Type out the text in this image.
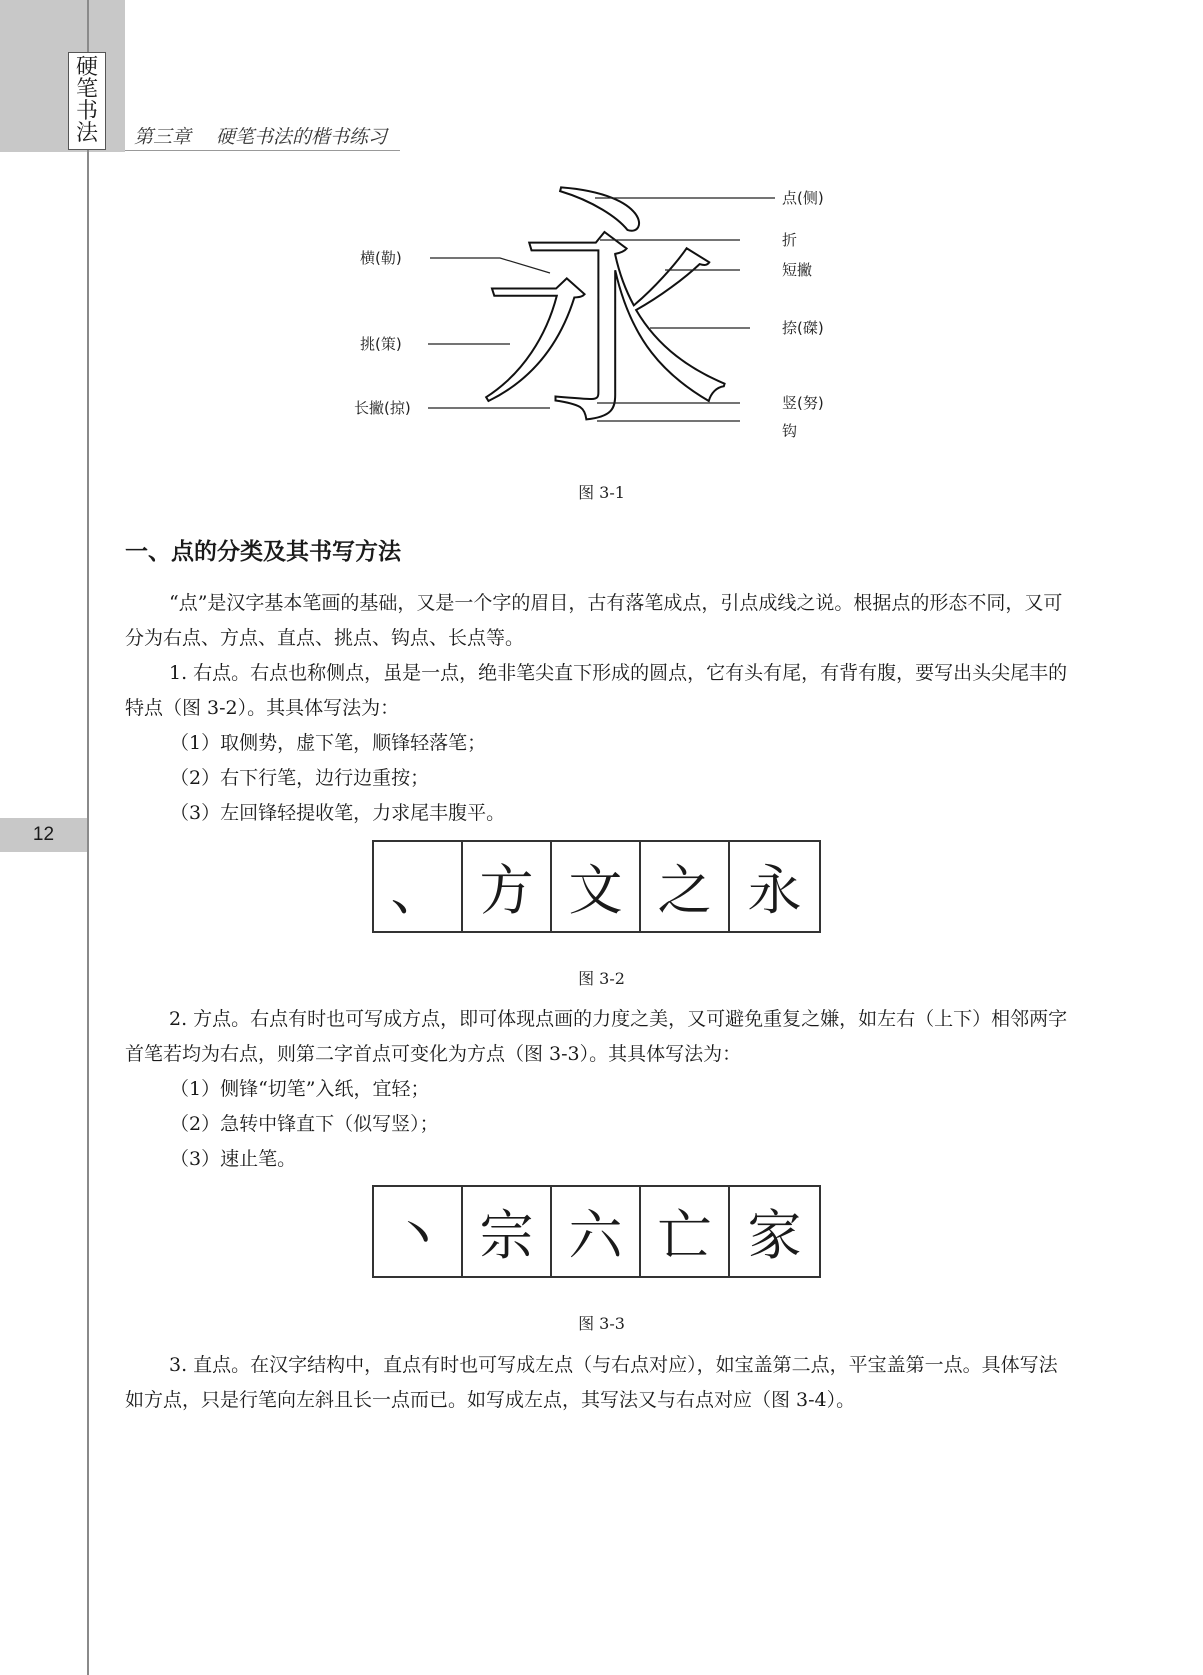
硬
笔
书
法 第三章　 硬笔书法的楷书练习
12
永
横(勒)
挑(策)
长撇(掠)
点(侧)
折
短撇
捺(磔)
竖(努)
钩
图 3-1
一、点的分类及其书写方法

“点”是汉字基本笔画的基础，又是一个字的眉目，古有落笔成点，引点成线之说。根据点的形态不同，又可分为右点、方点、直点、挑点、钩点、长点等。

1. 右点。右点也称侧点，虽是一点，绝非笔尖直下形成的圆点，它有头有尾，有背有腹，要写出头尖尾丰的特点（图 3-2）。其具体写法为：

（1）取侧势，虚下笔，顺锋轻落笔；

（2）右下行笔，边行边重按；

（3）左回锋轻提收笔，力求尾丰腹平。

、 方 文 之 永
图 3-2

2. 方点。右点有时也可写成方点，即可体现点画的力度之美，又可避免重复之嫌，如左右（上下）相邻两字首笔若均为右点，则第二字首点可变化为方点（图 3-3）。其具体写法为：

（1）侧锋“切笔”入纸，宜轻；

（2）急转中锋直下（似写竖）；

（3）速止笔。

丶 宗 六 亡 家
图 3-3

3. 直点。在汉字结构中，直点有时也可写成左点（与右点对应），如宝盖第二点，平宝盖第一点。具体写法如方点，只是行笔向左斜且长一点而已。如写成左点，其写法又与右点对应（图 3-4）。
